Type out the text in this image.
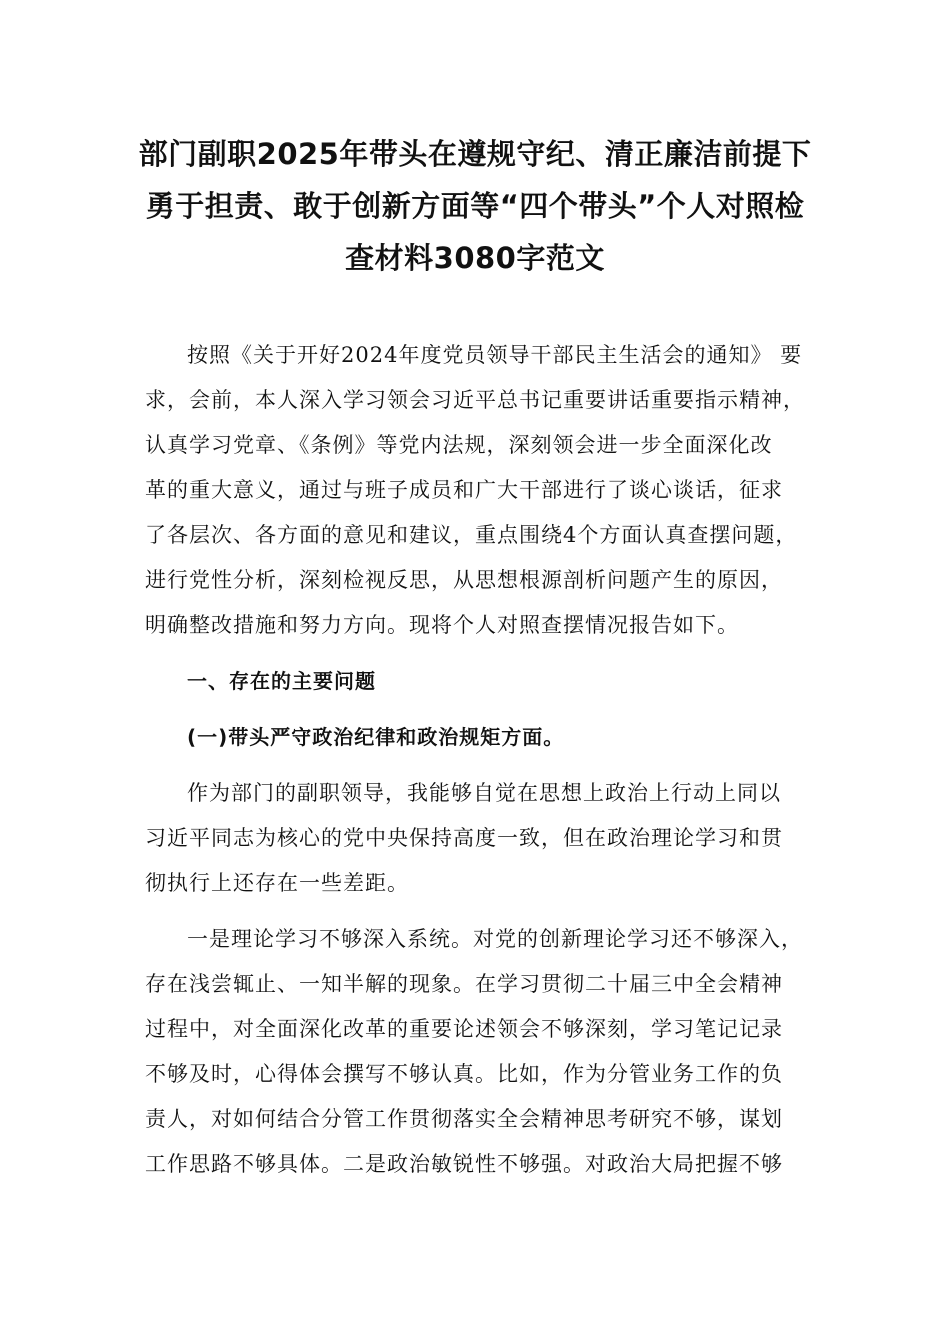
部门副职2025年带头在遵规守纪、清正廉洁前提下
勇于担责、敢于创新方面等“四个带头”个人对照检
查材料3080字范文
按照《关于开好2024年度党员领导干部民主生活会的通知》 要
求，会前，本人深入学习领会习近平总书记重要讲话重要指示精神，
认真学习党章、《条例》等党内法规，深刻领会进一步全面深化改
革的重大意义，通过与班子成员和广大干部进行了谈心谈话，征求
了各层次、各方面的意见和建议，重点围绕4个方面认真查摆问题，
进行党性分析，深刻检视反思，从思想根源剖析问题产生的原因，
明确整改措施和努力方向。现将个人对照查摆情况报告如下。
一、存在的主要问题
(一)带头严守政治纪律和政治规矩方面。
作为部门的副职领导，我能够自觉在思想上政治上行动上同以
习近平同志为核心的党中央保持高度一致，但在政治理论学习和贯
彻执行上还存在一些差距。
一是理论学习不够深入系统。对党的创新理论学习还不够深入，
存在浅尝辄止、一知半解的现象。在学习贯彻二十届三中全会精神
过程中，对全面深化改革的重要论述领会不够深刻，学习笔记记录
不够及时，心得体会撰写不够认真。比如，作为分管业务工作的负
责人，对如何结合分管工作贯彻落实全会精神思考研究不够，谋划
工作思路不够具体。二是政治敏锐性不够强。对政治大局把握不够
